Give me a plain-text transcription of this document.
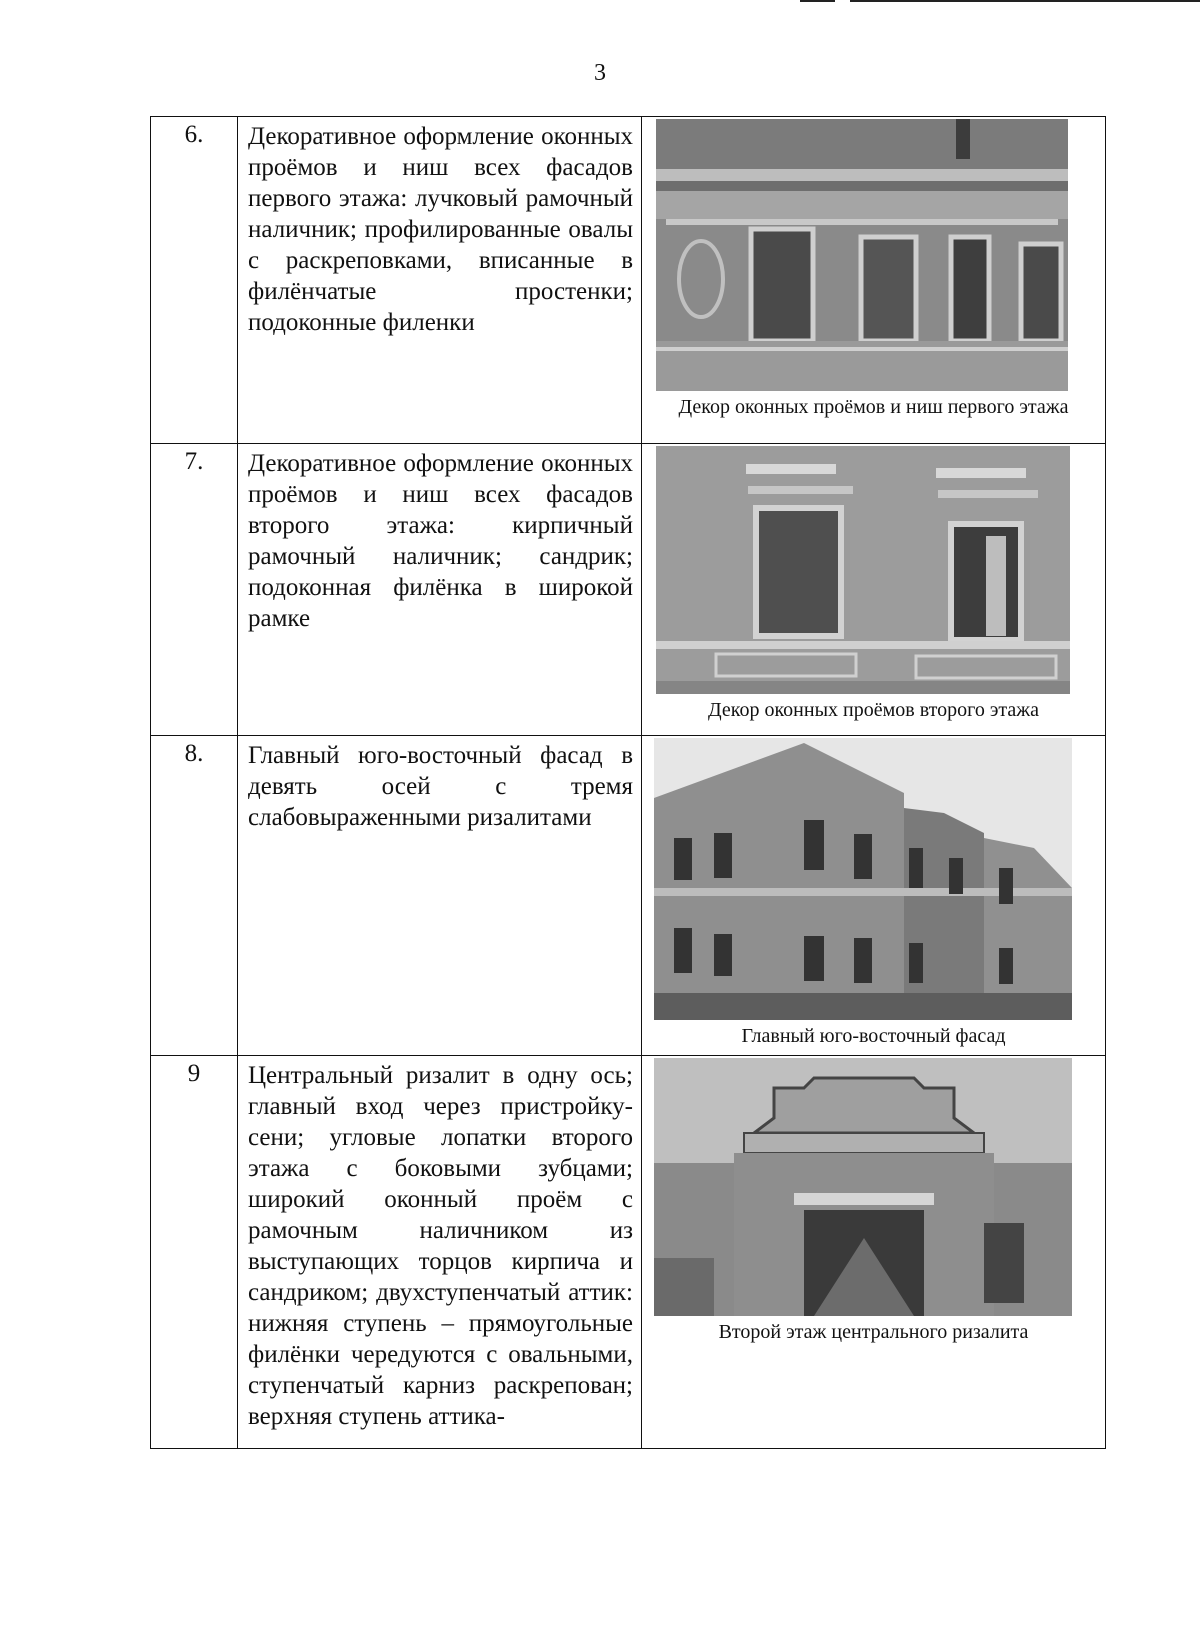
3
6.	Декоративное оформление оконных проёмов и ниш всех фасадов первого этажа: лучковый рамочный наличник; профилированные овалы с раскреповками, вписанные в филёнчатые простенки; подоконные филенки	Декор оконных проёмов и ниш первого этажа

7.	Декоративное оформление оконных проёмов и ниш всех фасадов второго этажа: кирпичный рамочный наличник; сандрик; подоконная филёнка в широкой рамке	Декор оконных проёмов второго этажа

8.	Главный юго-восточный фасад в девять осей с тремя слабовыраженными ризалитами	Главный юго-восточный фасад

9	Центральный ризалит в одну ось; главный вход через пристройку-сени; угловые лопатки второго этажа с боковыми зубцами; широкий оконный проём с рамочным наличником из выступающих торцов кирпича и сандриком; двухступенчатый аттик: нижняя ступень – прямоугольные филёнки чередуются с овальными, ступенчатый карниз раскрепован; верхняя ступень аттика-	Второй этаж центрального ризалита
